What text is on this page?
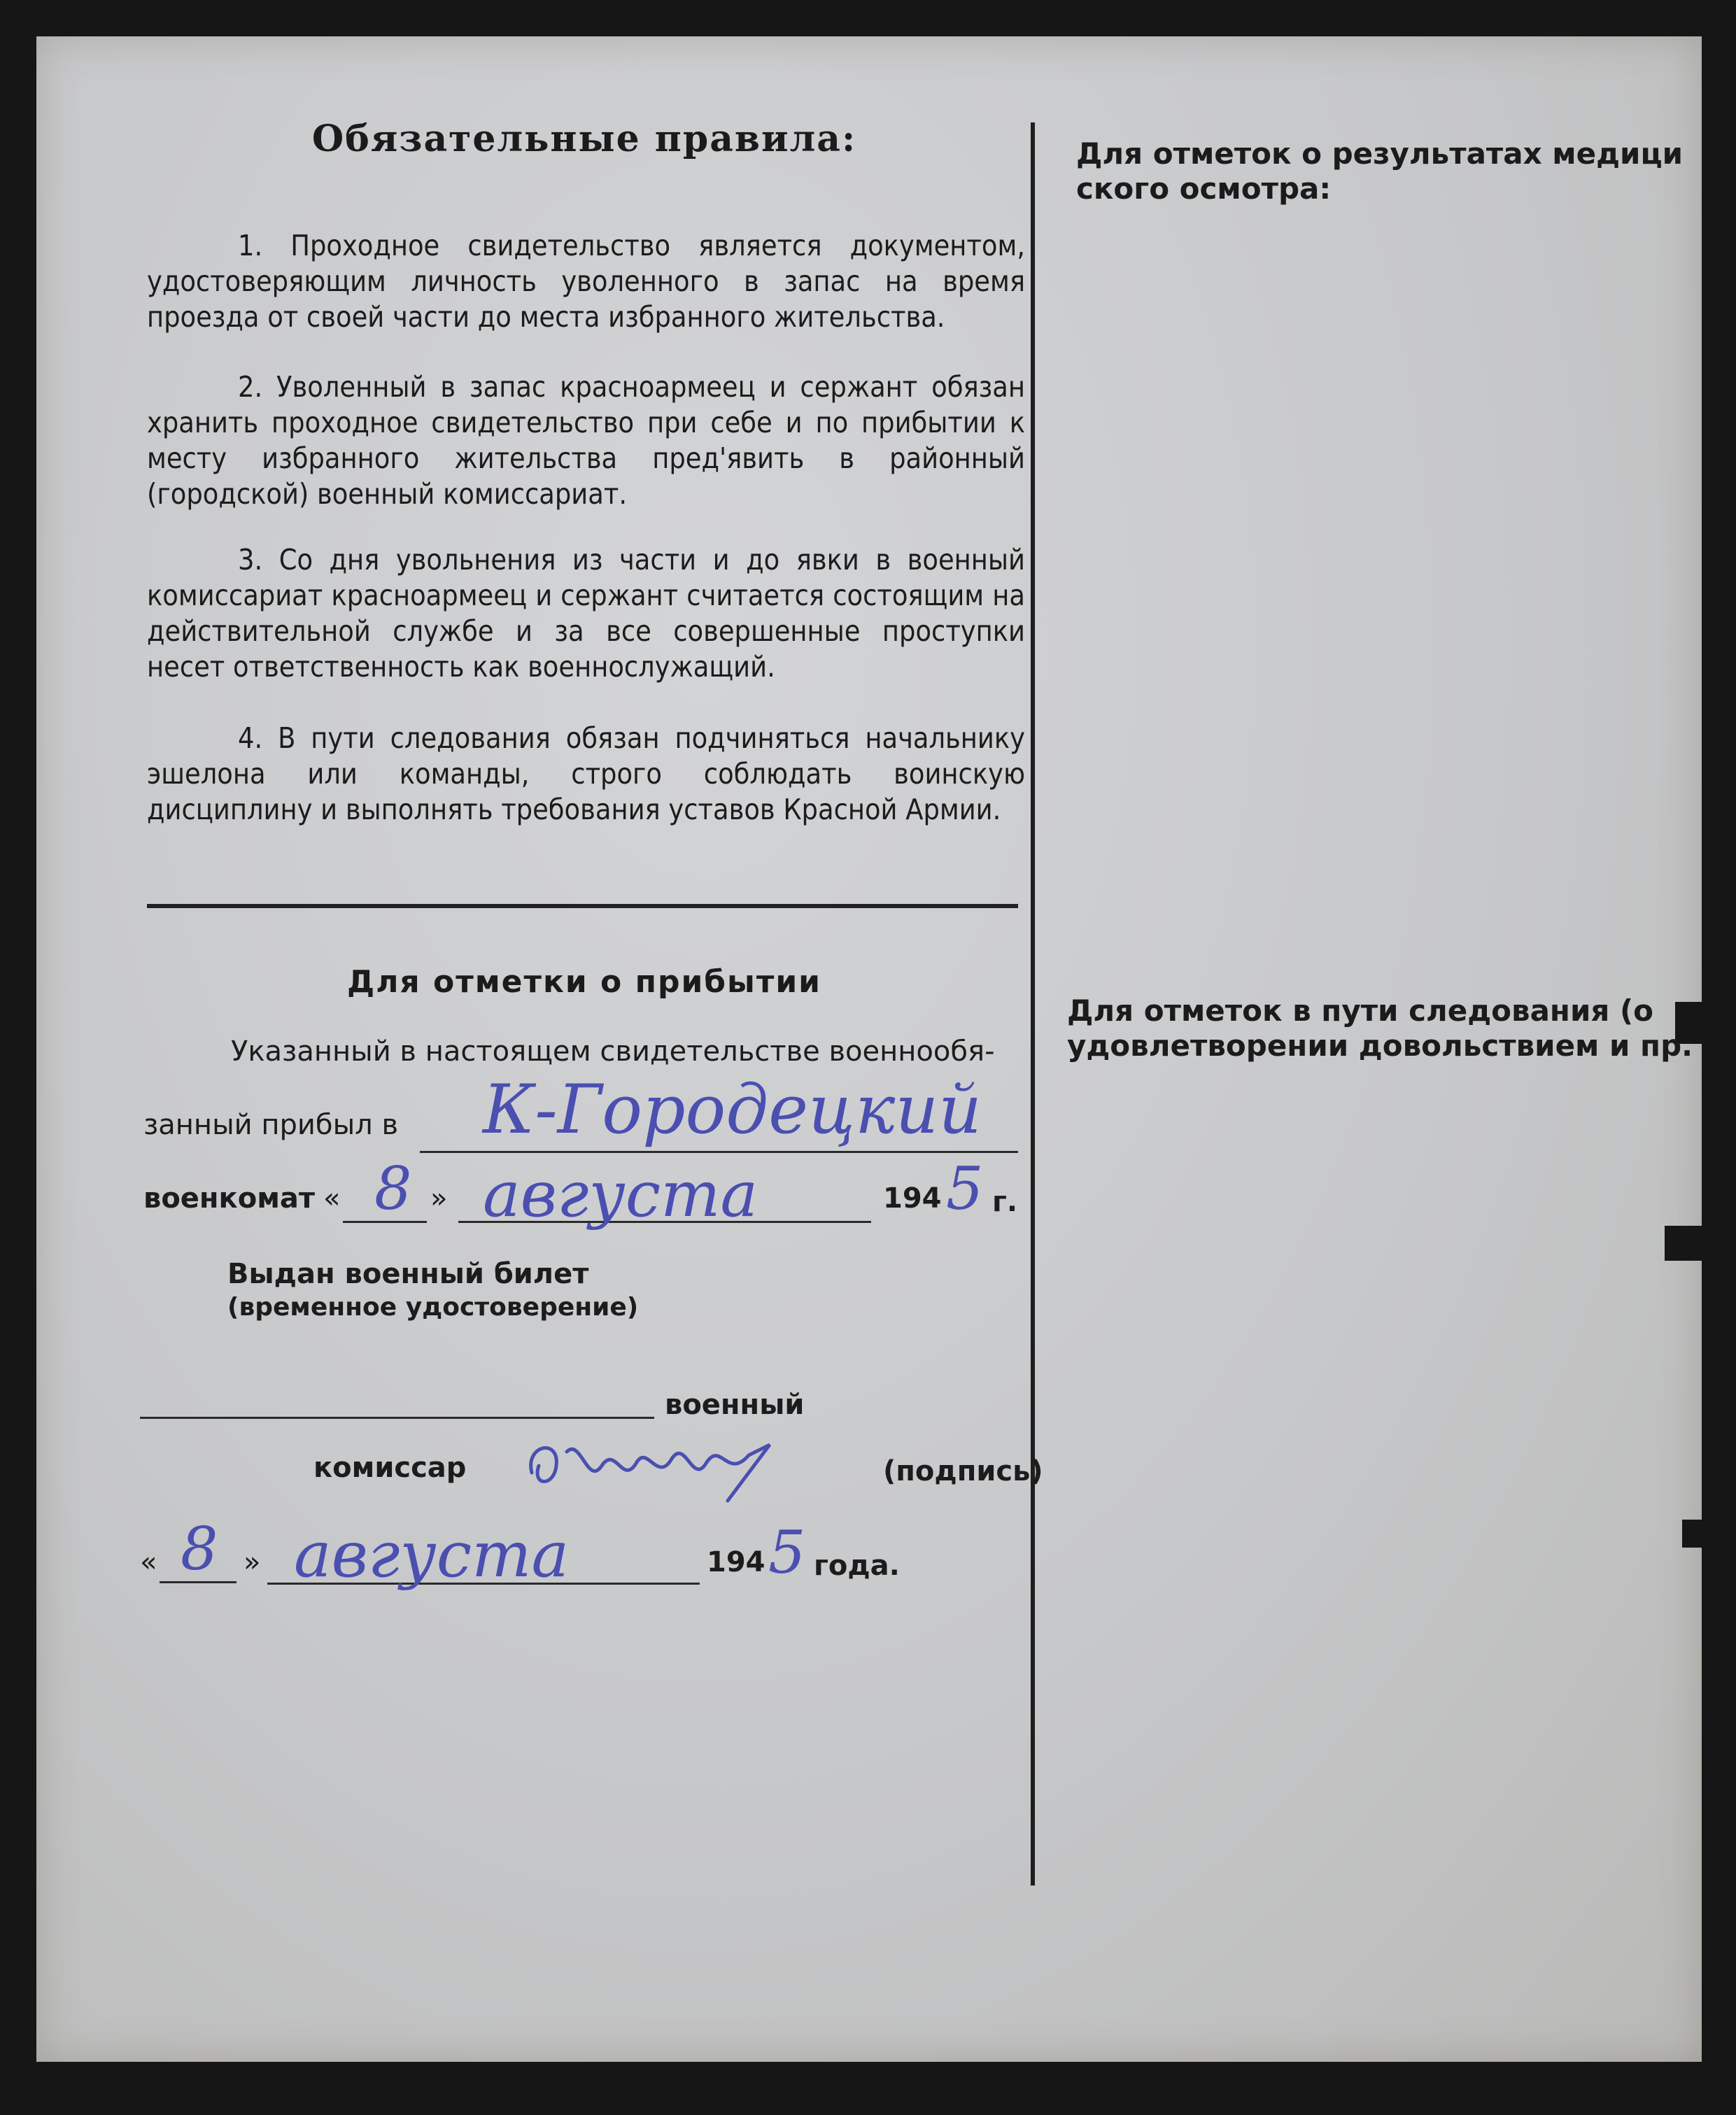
Обязательные правила:
1. Проходное свидетельство является документом, удостоверяющим личность уволенного в запас на время проезда от своей части до места избранного жительства.
2. Уволенный в запас красноармеец и сержант обязан хранить проходное свидетельство при себе и по прибытии к месту избранного жительства пред'явить в районный (городской) военный комиссариат.
3. Со дня увольнения из части и до явки в военный комиссариат красноармеец и сержант считается состоящим на действительной службе и за все совершенные проступки несет ответственность как военнослужащий.
4. В пути следования обязан подчиняться начальнику эшелона или команды, строго соблюдать воинскую дисциплину и выполнять требования уставов Красной Армии.
Для отметки о прибытии
Указанный в настоящем свидетельстве военнообя-
занный прибыл в К-Городецкий
военкомат « 8 » августа	194 5 г.
Выдан военный билет
(временное удостоверение)
военный
комиссар	(подпись)
« 8 » августа	194 5 года.
Для отметок о результатах медици
ского осмотра:
Для отметок в пути следования (о
удовлетворении довольствием и пр.
